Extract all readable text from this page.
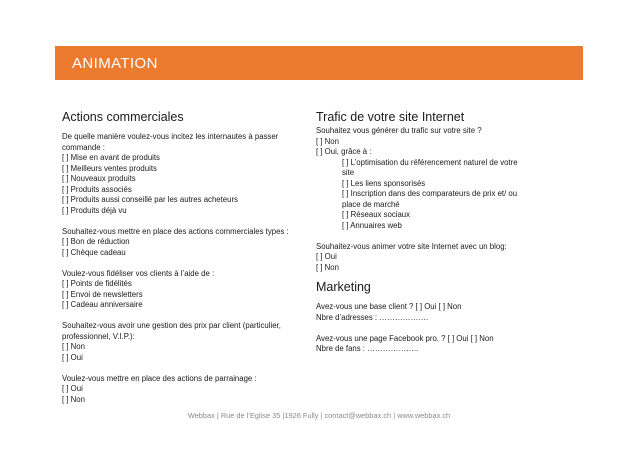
ANIMATION
Actions commerciales
De quelle manière voulez-vous incitez les internautes à passer
commande :
[ ] Mise en avant de produits
[ ] Meilleurs ventes produits
[ ] Nouveaux produits
[ ] Produits associés
[ ] Produits aussi conseillé par les autres acheteurs
[ ] Produits déjà vu
Souhaitez-vous mettre en place des actions commerciales types :
[ ] Bon de réduction
[ ] Chèque cadeau
Voulez-vous fidéliser vos clients à l’aide de :
[ ] Points de fidélités
[ ] Envoi de newsletters
[ ] Cadeau anniversaire
Souhaitez-vous avoir une gestion des prix par client (particulier,
professionnel, V.I.P.):
[ ] Non
[ ] Oui
Voulez-vous mettre en place des actions de parrainage :
[ ] Oui
[ ] Non
Trafic de votre site Internet
Souhaitez vous générer du trafic sur votre site ?
[ ] Non
[ ] Oui, grâce à :
[ ] L’optimisation du référencement naturel de votre
site
[ ] Les liens sponsorisés
[ ] Inscription dans des comparateurs de prix et/ ou
place de marché
[ ] Réseaux sociaux
[ ] Annuaires web
Souhaitez-vous animer votre site Internet avec un blog:
[ ] Oui
[ ] Non
Marketing
Avez-vous une base client ? [ ] Oui [ ] Non
Nbre d’adresses : ……………….
Avez-vous une page Facebook pro. ? [ ] Oui [ ] Non
Nbre de fans : ………………..
Webbax | Rue de l’Eglise 35 |1926 Fully | contact@webbax.ch | www.webbax.ch
